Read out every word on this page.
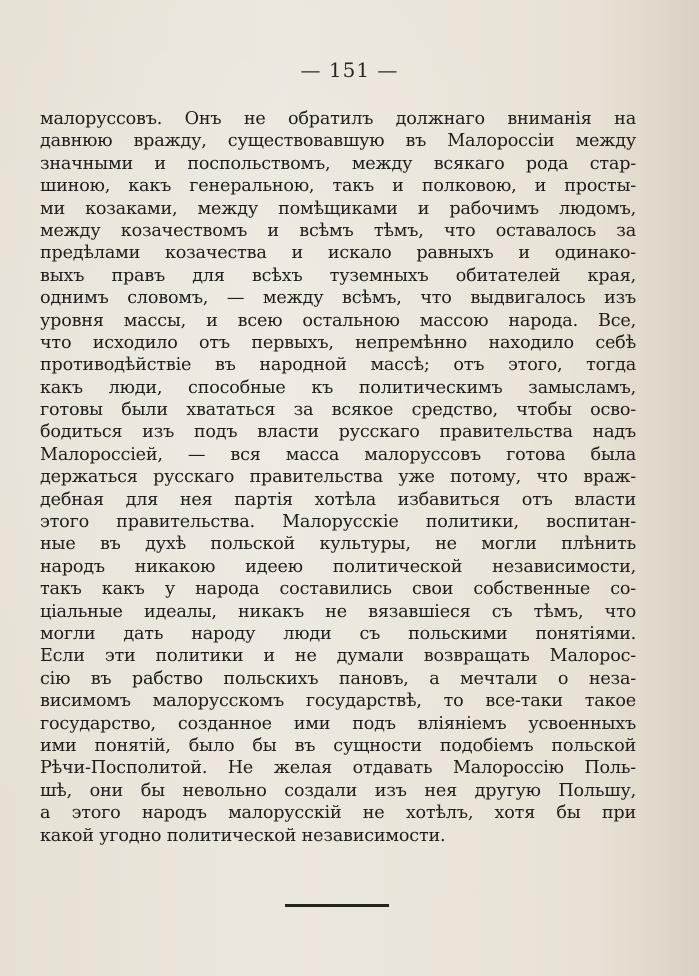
— 151 —
малоруссовъ. Онъ не обратилъ должнаго вниманія на
давнюю вражду, существовавшую въ Малороссіи между
значными и поспольствомъ, между всякаго рода стар-
шиною, какъ генеральною, такъ и полковою, и просты-
ми козаками, между помѣщиками и рабочимъ людомъ,
между козачествомъ и всѣмъ тѣмъ, что оставалось за
предѣлами козачества и искало равныхъ и одинако-
выхъ правъ для всѣхъ туземныхъ обитателей края,
однимъ словомъ, — между всѣмъ, что выдвигалось изъ
уровня массы, и всею остальною массою народа. Все,
что исходило отъ первыхъ, непремѣнно находило себѣ
противодѣйствіе въ народной массѣ; отъ этого, тогда
какъ люди, способные къ политическимъ замысламъ,
готовы были хвататься за всякое средство, чтобы осво-
бодиться изъ подъ власти русскаго правительства надъ
Малороссіей, — вся масса малоруссовъ готова была
держаться русскаго правительства уже потому, что враж-
дебная для нея партія хотѣла избавиться отъ власти
этого правительства. Малорусскіе политики, воспитан-
ные въ духѣ польской культуры, не могли плѣнить
народъ никакою идеею политической независимости,
такъ какъ у народа составились свои собственные со-
ціальные идеалы, никакъ не вязавшіеся съ тѣмъ, что
могли дать народу люди съ польскими понятіями.
Если эти политики и не думали возвращать Малорос-
сію въ рабство польскихъ пановъ, а мечтали о неза-
висимомъ малорусскомъ государствѣ, то все-таки такое
государство, созданное ими подъ вліяніемъ усвоенныхъ
ими понятій, было бы въ сущности подобіемъ польской
Рѣчи-Посполитой. Не желая отдавать Малороссію Поль-
шѣ, они бы невольно создали изъ нея другую Польшу,
а этого народъ малорусскій не хотѣлъ, хотя бы при
какой угодно политической независимости.
